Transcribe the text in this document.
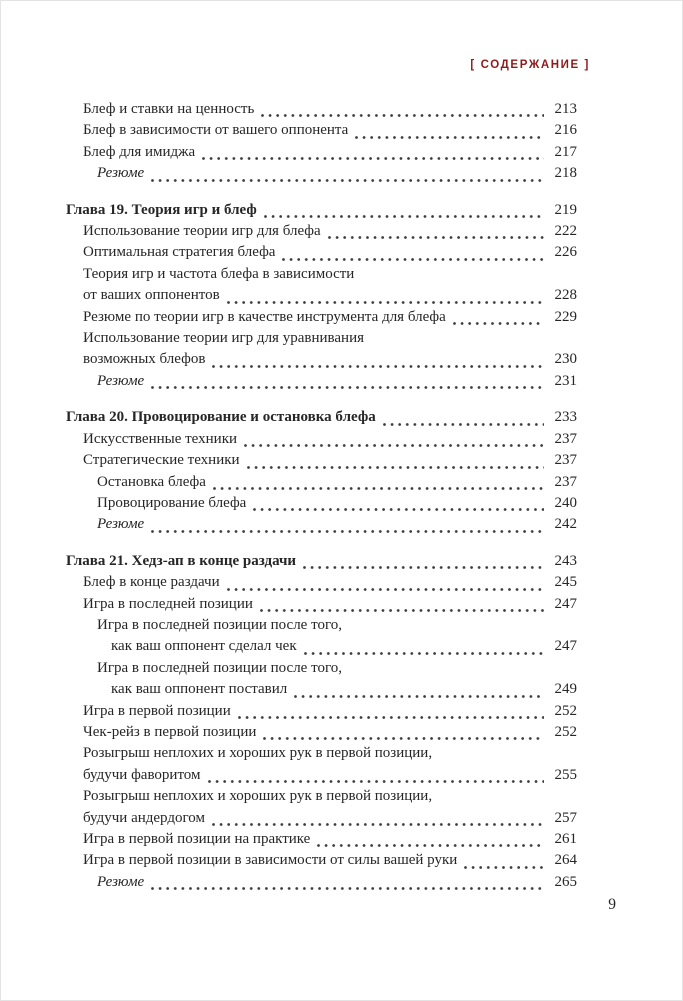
[ СОДЕРЖАНИЕ ]
Блеф и ставки на ценность	213
Блеф в зависимости от вашего оппонента	216
Блеф для имиджа	217
Резюме	218
Глава 19. Теория игр и блеф	219
Использование теории игр для блефа	222
Оптимальная стратегия блефа	226
Теория игр и частота блефа в зависимости
от ваших оппонентов	228
Резюме по теории игр в качестве инструмента для блефа	229
Использование теории игр для уравнивания
возможных блефов	230
Резюме	231
Глава 20. Провоцирование и остановка блефа	233
Искусственные техники	237
Стратегические техники	237
Остановка блефа	237
Провоцирование блефа	240
Резюме	242
Глава 21. Хедз-ап в конце раздачи	243
Блеф в конце раздачи	245
Игра в последней позиции	247
Игра в последней позиции после того,
как ваш оппонент сделал чек	247
Игра в последней позиции после того,
как ваш оппонент поставил	249
Игра в первой позиции	252
Чек-рейз в первой позиции	252
Розыгрыш неплохих и хороших рук в первой позиции,
будучи фаворитом	255
Розыгрыш неплохих и хороших рук в первой позиции,
будучи андердогом	257
Игра в первой позиции на практике	261
Игра в первой позиции в зависимости от силы вашей руки	264
Резюме	265
9
